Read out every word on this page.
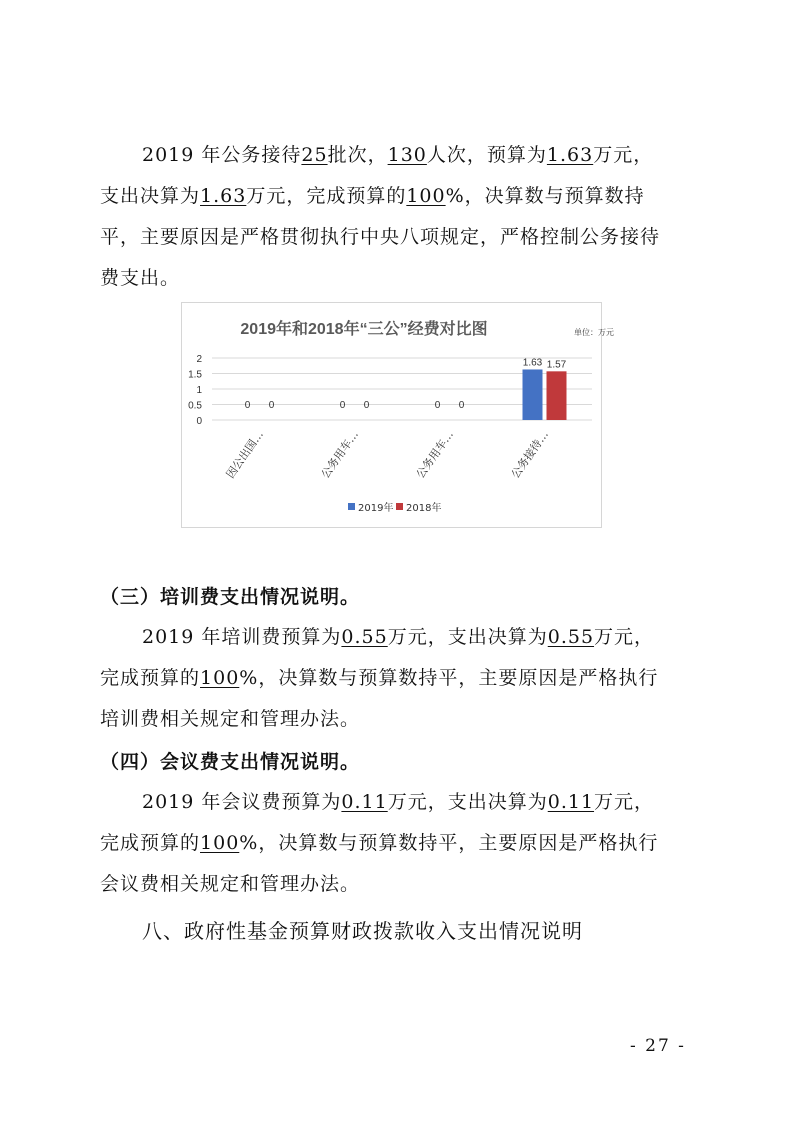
2019 年公务接待25批次，130人次，预算为1.63万元，
支出决算为1.63万元，完成预算的100%，决算数与预算数持
平，主要原因是严格贯彻执行中央八项规定，严格控制公务接待
费支出。
2019年和2018年“三公”经费对比图	单位：万元
2
1.5
1
0.5
0
0 0	0 0	0 0
1.63 1.57
因公出国…	公务用车…	公务用车…	公务接待…
2019年 2018年

（三）培训费支出情况说明。

2019 年培训费预算为0.55万元，支出决算为0.55万元，
完成预算的100%，决算数与预算数持平，主要原因是严格执行
培训费相关规定和管理办法。

（四）会议费支出情况说明。

2019 年会议费预算为0.11万元，支出决算为0.11万元，
完成预算的100%，决算数与预算数持平，主要原因是严格执行
会议费相关规定和管理办法。

八、政府性基金预算财政拨款收入支出情况说明

- 27 -
